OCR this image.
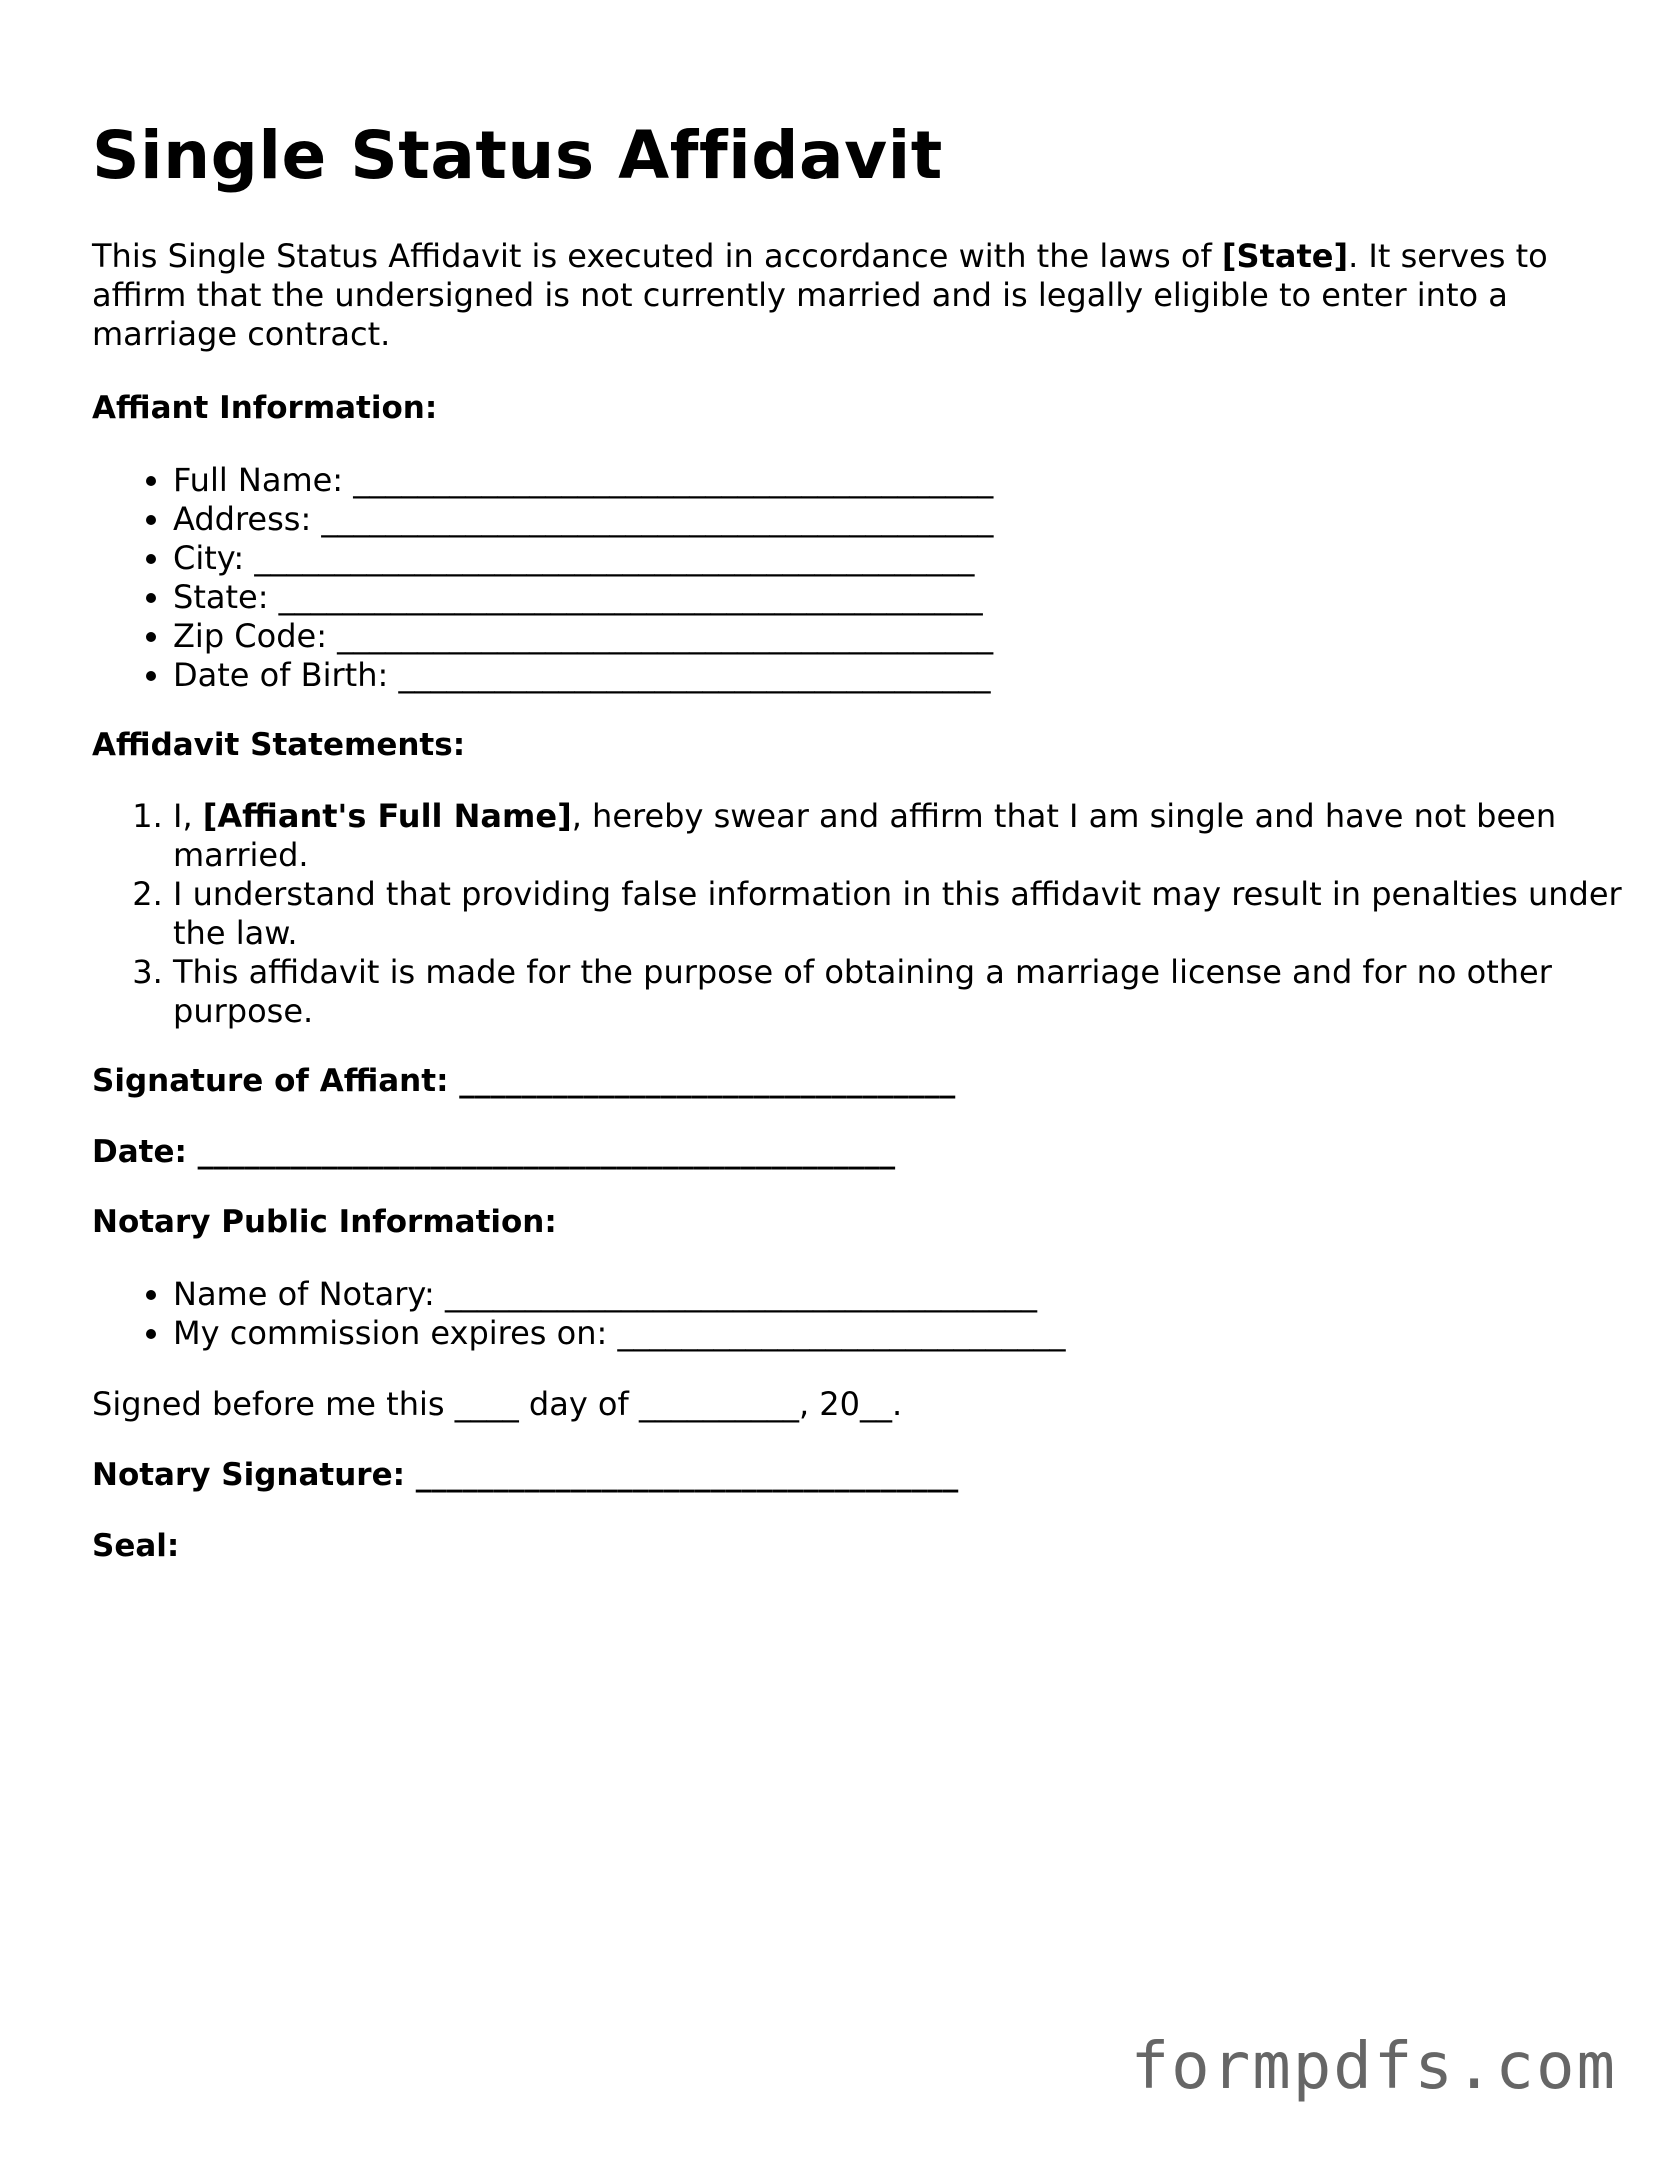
Single Status Affidavit

This Single Status Affidavit is executed in accordance with the laws of [State]. It serves to affirm that the undersigned is not currently married and is legally eligible to enter into a marriage contract.

Affiant Information:

• Full Name: ________________________________________
• Address: __________________________________________
• City: _____________________________________________
• State: ____________________________________________
• Zip Code: _________________________________________
• Date of Birth: _____________________________________

Affidavit Statements:

1. I, [Affiant's Full Name], hereby swear and affirm that I am single and have not been married.
2. I understand that providing false information in this affidavit may result in penalties under the law.
3. This affidavit is made for the purpose of obtaining a marriage license and for no other purpose.

Signature of Affiant: ________________________________

Date: _____________________________________________

Notary Public Information:

• Name of Notary: _____________________________________
• My commission expires on: ____________________________

Signed before me this ____ day of __________, 20__.

Notary Signature: ___________________________________

Seal:

formpdfs.com
